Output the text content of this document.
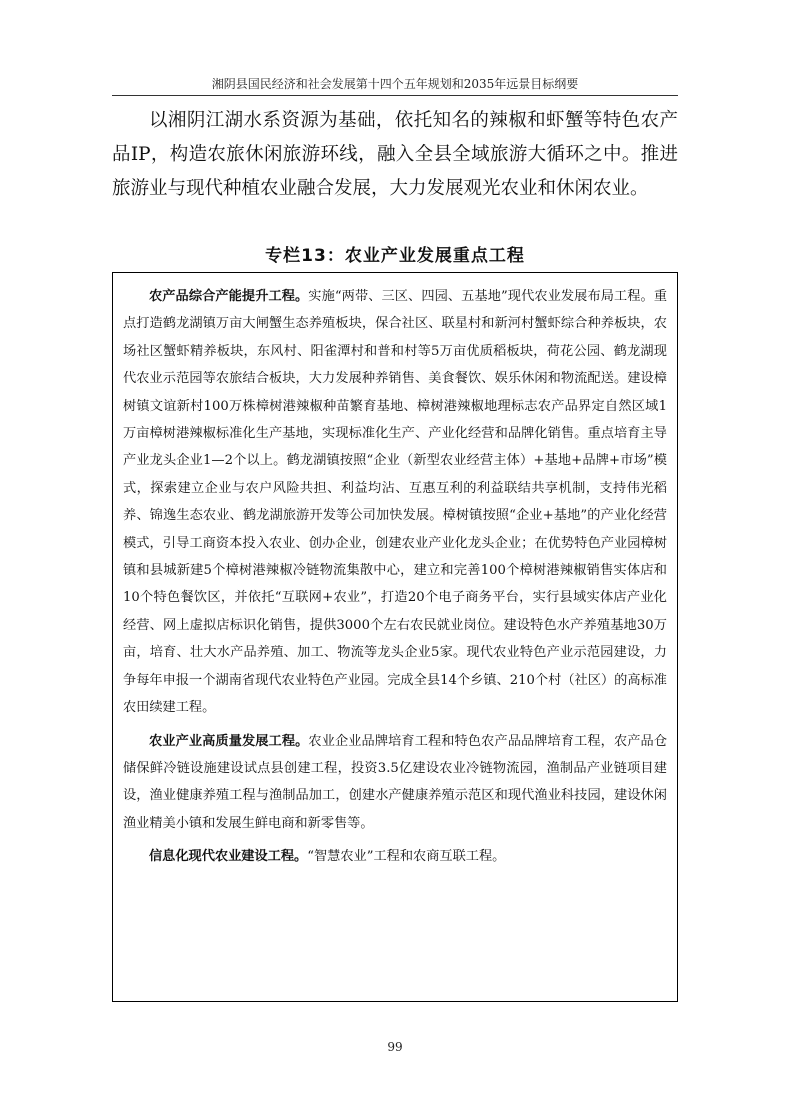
湘阴县国民经济和社会发展第十四个五年规划和2035年远景目标纲要

以湘阴江湖水系资源为基础，依托知名的辣椒和虾蟹等特色农产品IP，构造农旅休闲旅游环线，融入全县全域旅游大循环之中。推进旅游业与现代种植农业融合发展，大力发展观光农业和休闲农业。

专栏13：农业产业发展重点工程

农产品综合产能提升工程。实施“两带、三区、四园、五基地”现代农业发展布局工程。重点打造鹤龙湖镇万亩大闸蟹生态养殖板块，保合社区、联星村和新河村蟹虾综合种养板块，农场社区蟹虾精养板块，东风村、阳雀潭村和普和村等5万亩优质稻板块，荷花公园、鹤龙湖现代农业示范园等农旅结合板块，大力发展种养销售、美食餐饮、娱乐休闲和物流配送。建设樟树镇文谊新村100万株樟树港辣椒种苗繁育基地、樟树港辣椒地理标志农产品界定自然区域1万亩樟树港辣椒标准化生产基地，实现标准化生产、产业化经营和品牌化销售。重点培育主导产业龙头企业1—2个以上。鹤龙湖镇按照“企业（新型农业经营主体）+基地+品牌+市场”模式，探索建立企业与农户风险共担、利益均沾、互惠互利的利益联结共享机制，支持伟光稻养、锦逸生态农业、鹤龙湖旅游开发等公司加快发展。樟树镇按照“企业+基地”的产业化经营模式，引导工商资本投入农业、创办企业，创建农业产业化龙头企业；在优势特色产业园樟树镇和县城新建5个樟树港辣椒冷链物流集散中心，建立和完善100个樟树港辣椒销售实体店和10个特色餐饮区，并依托“互联网+农业”，打造20个电子商务平台，实行县域实体店产业化经营、网上虚拟店标识化销售，提供3000个左右农民就业岗位。建设特色水产养殖基地30万亩，培育、壮大水产品养殖、加工、物流等龙头企业5家。现代农业特色产业示范园建设，力争每年申报一个湖南省现代农业特色产业园。完成全县14个乡镇、210个村（社区）的高标准农田续建工程。

农业产业高质量发展工程。农业企业品牌培育工程和特色农产品品牌培育工程，农产品仓储保鲜冷链设施建设试点县创建工程，投资3.5亿建设农业冷链物流园，渔制品产业链项目建设，渔业健康养殖工程与渔制品加工，创建水产健康养殖示范区和现代渔业科技园，建设休闲渔业精美小镇和发展生鲜电商和新零售等。

信息化现代农业建设工程。“智慧农业”工程和农商互联工程。

99
